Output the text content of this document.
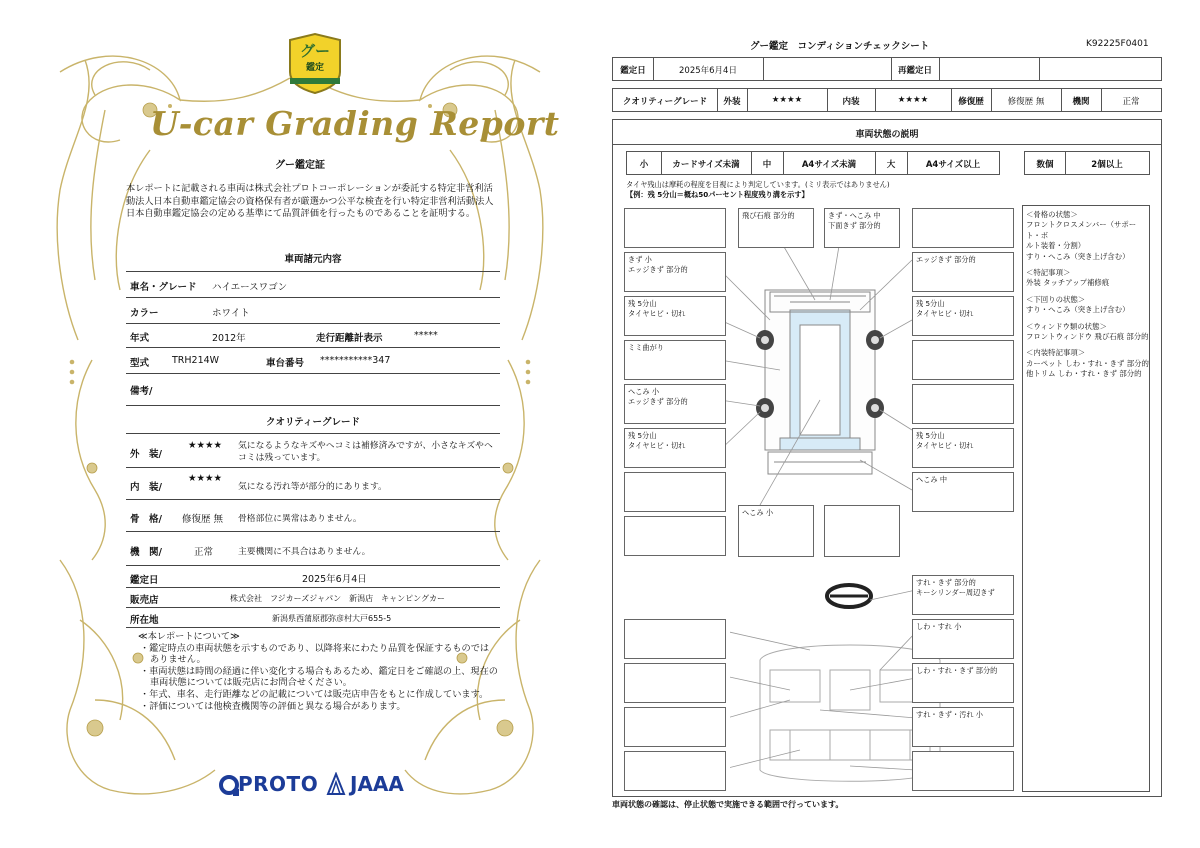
グー
鑑定
U-car Grading Report
グー鑑定証
本レポートに記載される車両は株式会社プロトコーポレーションが委託する特定非営利活動法人日本自動車鑑定協会の資格保有者が厳選かつ公平な検査を行い特定非営利活動法人日本自動車鑑定協会の定める基準にて品質評価を行ったものであることを証明する。
車両諸元内容
車名・グレード ハイエースワゴン
カラー	ホワイト
年式	2012年	走行距離計表示	*****
型式 TRH214W	車台番号 ***********347
備考/
クオリティーグレード
外　装/
★★★★ 気になるようなキズやヘコミは補修済みですが、小さなキズやヘコミは残っています。
内　装/
★★★★
気になる汚れ等が部分的にあります。
骨　格/ 修復歴 無 骨格部位に異常はありません。
機　関/	正常	主要機関に不具合はありません。
鑑定日	2025年6月4日
販売店	株式会社　フジカーズジャパン　新潟店　キャンピングカー
所在地	新潟県西蒲原郡弥彦村大戸655-5
≪本レポートについて≫
・鑑定時点の車両状態を示すものであり、以降将来にわたり品質を保証するものではありません。
・車両状態は時間の経過に伴い変化する場合もあるため、鑑定日をご確認の上、現在の車両状態については販売店にお問合せください。
・年式、車名、走行距離などの記載については販売店申告をもとに作成しています。
・評価については他検査機関等の評価と異なる場合があります。
PROTO JAAA
グー鑑定　コンディションチェックシート	K92225F0401
鑑定日	2025年6月4日	再鑑定日
クオリティーグレード	外装	★★★★	内装	★★★★	修復歴	修復歴 無	機関	正常
車両状態の説明
小	カードサイズ未満	中	A4サイズ未満	大	A4サイズ以上	数個	2個以上
タイヤ残山は摩耗の程度を目視により判定しています。(ミリ表示ではありません)
【例：残 5分山＝概ね50パーセント程度残り溝を示す】
きず 小
エッジきず 部分的
残 5分山
タイヤヒビ・切れ
ミミ曲がり
へこみ 小
エッジきず 部分的
残 5分山
タイヤヒビ・切れ
飛び石痕 部分的	きず・へこみ 中
下面きず 部分的
エッジきず 部分的
残 5分山
タイヤヒビ・切れ
残 5分山
タイヤヒビ・切れ
へこみ 中
へこみ 小
すれ・きず 部分的
キーシリンダー周辺きず
しわ・すれ 小
しわ・すれ・きず 部分的
すれ・きず・汚れ 小
＜骨格の状態＞
フロントクロスメンバー（サポート・ボ
ルト装着・分割）
すり・へこみ（突き上げ含む）
＜特記事項＞
外装 タッチアップ補修痕
＜下回りの状態＞
すり・へこみ（突き上げ含む）
＜ウィンドウ類の状態＞
フロントウィンドウ 飛び石痕 部分的
＜内装特記事項＞
カーペット しわ・すれ・きず 部分的
他トリム しわ・すれ・きず 部分的
車両状態の確認は、停止状態で実施できる範囲で行っています。
